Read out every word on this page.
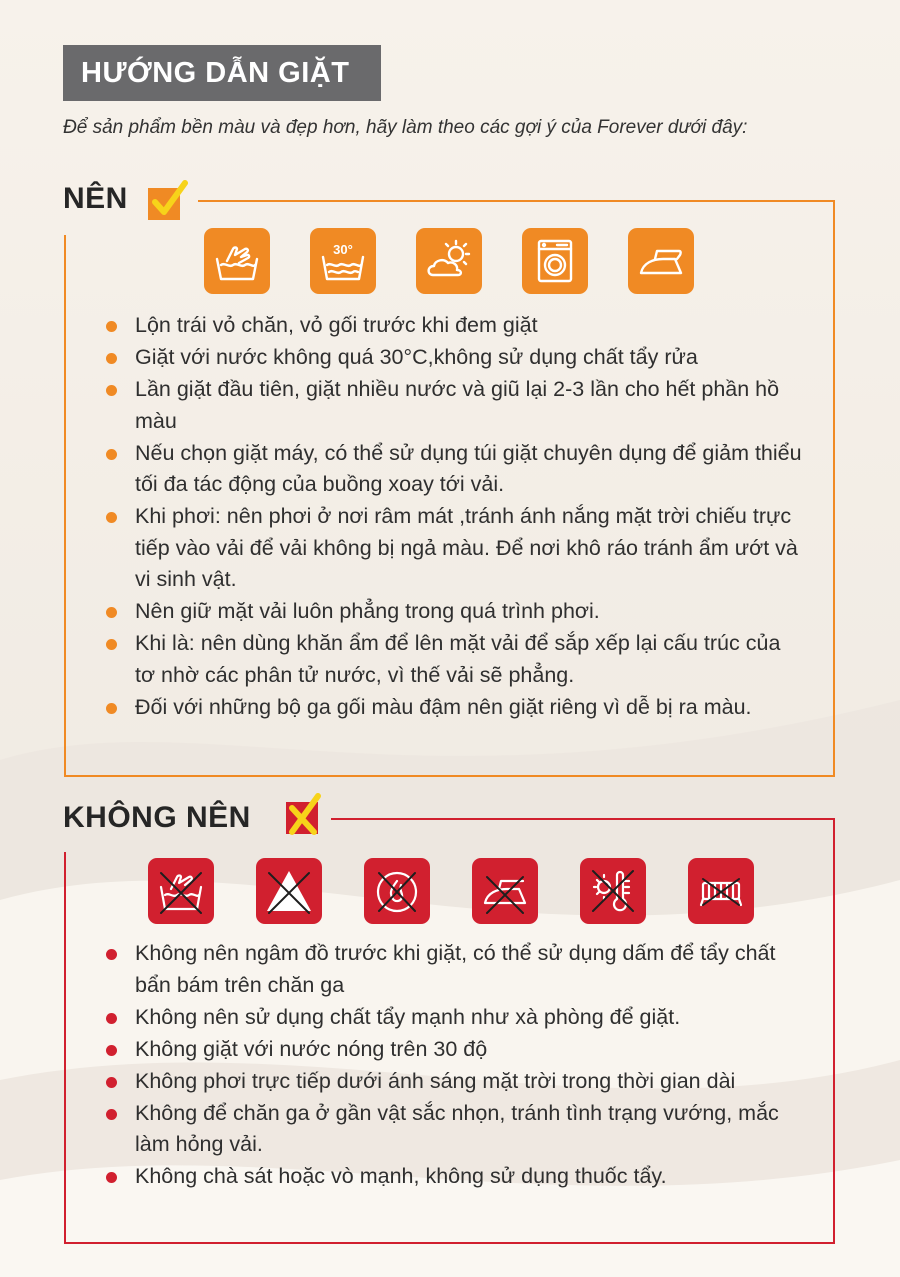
HƯỚNG DẪN GIẶT
Để sản phẩm bền màu và đẹp hơn, hãy làm theo các gợi ý của Forever dưới đây:
NÊN
30°
Lộn trái vỏ chăn, vỏ gối trước khi đem giặt
Giặt với nước không quá 30°C,không sử dụng chất tẩy rửa
Lần giặt đầu tiên, giặt nhiều nước và giũ lại 2-3 lần cho hết phần hồ màu
Nếu chọn giặt máy, có thể sử dụng túi giặt chuyên dụng để giảm thiểu tối đa tác động của buồng xoay tới vải.
Khi phơi: nên phơi ở nơi râm mát ,tránh ánh nắng mặt trời chiếu trực tiếp vào vải để vải không bị ngả màu. Để nơi khô ráo tránh ẩm ướt và vi sinh vật.
Nên giữ mặt vải luôn phẳng trong quá trình phơi.
Khi là: nên dùng khăn ẩm để lên mặt vải để sắp xếp lại cấu trúc của tơ nhờ các phân tử nước, vì thế vải sẽ phẳng.
Đối với những bộ ga gối màu đậm nên giặt riêng vì dễ bị ra màu.
KHÔNG NÊN
Không nên ngâm đồ trước khi giặt, có thể sử dụng dấm để tẩy chất bẩn bám trên chăn ga
Không nên sử dụng chất tẩy mạnh như xà phòng để giặt.
Không giặt với nước nóng trên 30 độ
Không phơi trực tiếp dưới ánh sáng mặt trời trong thời gian dài
Không để chăn ga ở gần vật sắc nhọn, tránh tình trạng vướng, mắc làm hỏng vải.
Không chà sát hoặc vò mạnh, không sử dụng thuốc tẩy.
